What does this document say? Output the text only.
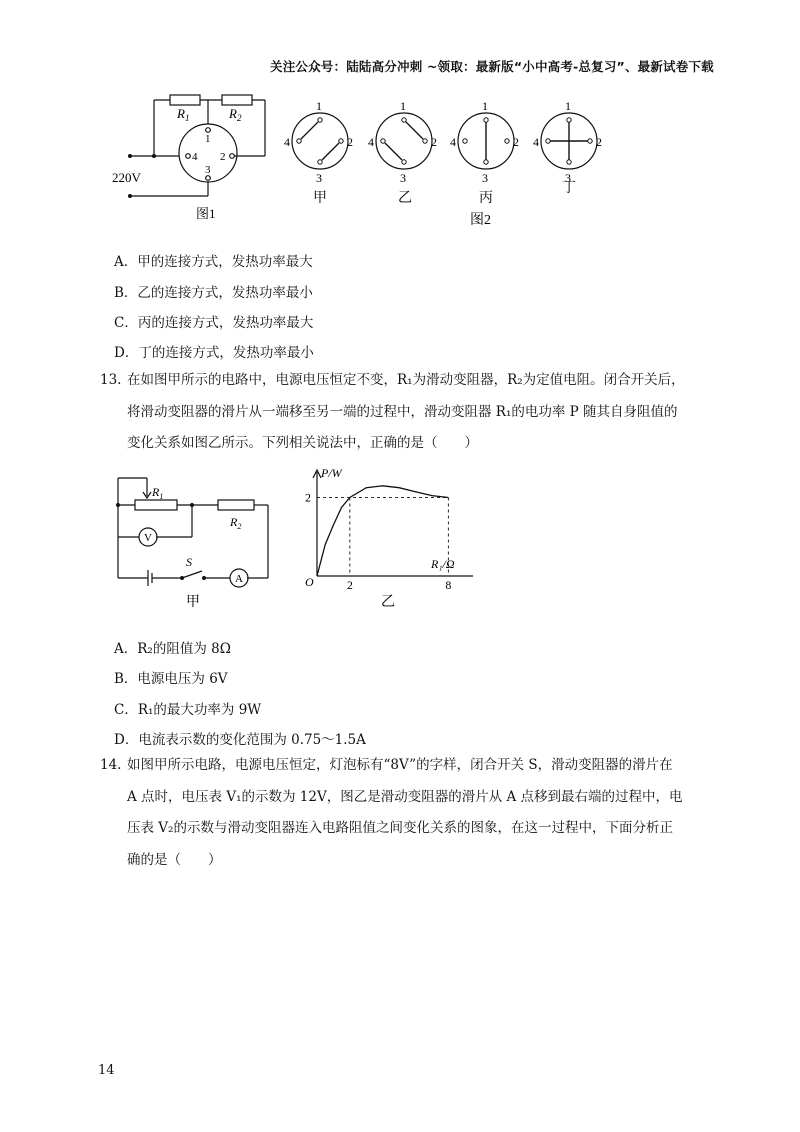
关注公众号：陆陆高分冲刺 ~领取：最新版“小中高考-总复习”、最新试卷下载
$R_1$	$R_2$
1
2
3
4
220V
图1
1
2
3
4
甲
1
2
3
4
乙
1
2
3
4
丙
1
2
3
4
丁
图2
A．甲的连接方式，发热功率最大
B．乙的连接方式，发热功率最小
C．丙的连接方式，发热功率最大
D．丁的连接方式，发热功率最小
13. 在如图甲所示的电路中，电源电压恒定不变，R₁为滑动变阻器，R₂为定值电阻。闭合开关后，
将滑动变阻器的滑片从一端移至另一端的过程中，滑动变阻器 R₁的电功率 P 随其自身阻值的
变化关系如图乙所示。下列相关说法中，正确的是（　　）
$R_1$
$R_2$
V
A
S
甲
2	8
2
P/W
R₁/Ω
O
乙
A．R₂的阻值为 8Ω
B．电源电压为 6V
C．R₁的最大功率为 9W
D．电流表示数的变化范围为 0.75～1.5A
14. 如图甲所示电路，电源电压恒定，灯泡标有“8V”的字样，闭合开关 S，滑动变阻器的滑片在
A 点时，电压表 V₁的示数为 12V，图乙是滑动变阻器的滑片从 A 点移到最右端的过程中，电
压表 V₂的示数与滑动变阻器连入电路阻值之间变化关系的图象，在这一过程中，下面分析正
确的是（　　）
14
